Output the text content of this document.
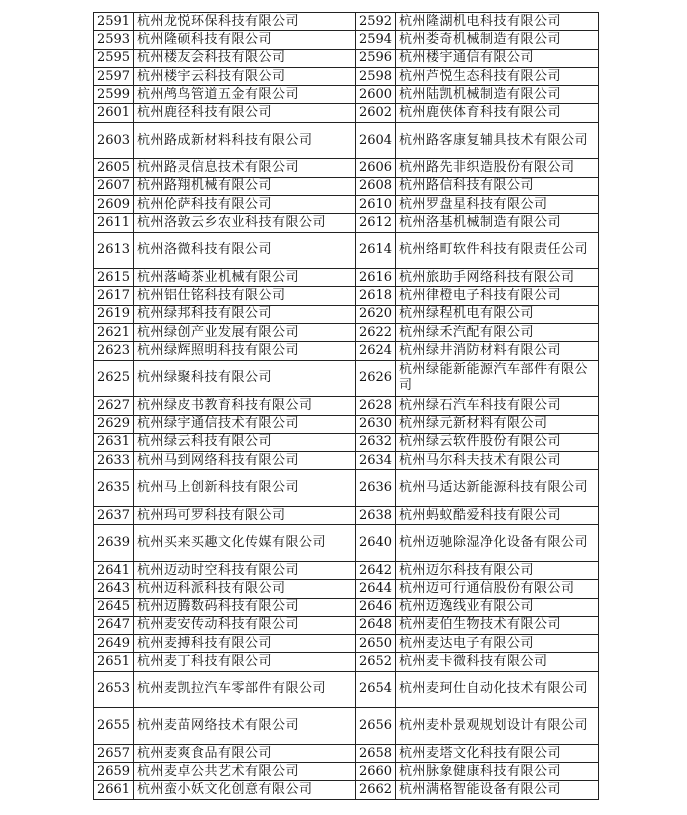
2591	杭州龙悦环保科技有限公司	2592	杭州隆湖机电科技有限公司
2593	杭州隆硕科技有限公司	2594	杭州娄奇机械制造有限公司
2595	杭州楼友会科技有限公司	2596	杭州楼宇通信有限公司
2597	杭州楼宇云科技有限公司	2598	杭州芦悦生态科技有限公司
2599	杭州鸬鸟管道五金有限公司	2600	杭州陆凯机械制造有限公司
2601	杭州鹿径科技有限公司	2602	杭州鹿侠体育科技有限公司
2603	杭州路成新材料科技有限公司	2604	杭州路客康复辅具技术有限公司
2605	杭州路灵信息技术有限公司	2606	杭州路先非织造股份有限公司
2607	杭州路翔机械有限公司	2608	杭州路信科技有限公司
2609	杭州伦萨科技有限公司	2610	杭州罗盘星科技有限公司
2611	杭州洛敦云乡农业科技有限公司	2612	杭州洛基机械制造有限公司
2613	杭州洛微科技有限公司	2614	杭州络町软件科技有限责任公司
2615	杭州落崎茶业机械有限公司	2616	杭州旅助手网络科技有限公司
2617	杭州铝仕铭科技有限公司	2618	杭州律橙电子科技有限公司
2619	杭州绿邦科技有限公司	2620	杭州绿程机电有限公司
2621	杭州绿创产业发展有限公司	2622	杭州绿禾汽配有限公司
2623	杭州绿辉照明科技有限公司	2624	杭州绿井消防材料有限公司
2625	杭州绿聚科技有限公司	2626	杭州绿能新能源汽车部件有限公司
2627	杭州绿皮书教育科技有限公司	2628	杭州绿石汽车科技有限公司
2629	杭州绿宇通信技术有限公司	2630	杭州绿元新材料有限公司
2631	杭州绿云科技有限公司	2632	杭州绿云软件股份有限公司
2633	杭州马到网络科技有限公司	2634	杭州马尔科夫技术有限公司
2635	杭州马上创新科技有限公司	2636	杭州马适达新能源科技有限公司
2637	杭州玛可罗科技有限公司	2638	杭州蚂蚁酷爱科技有限公司
2639	杭州买来买趣文化传媒有限公司	2640	杭州迈驰除湿净化设备有限公司
2641	杭州迈动时空科技有限公司	2642	杭州迈尔科技有限公司
2643	杭州迈科派科技有限公司	2644	杭州迈可行通信股份有限公司
2645	杭州迈腾数码科技有限公司	2646	杭州迈逸线业有限公司
2647	杭州麦安传动科技有限公司	2648	杭州麦伯生物技术有限公司
2649	杭州麦搏科技有限公司	2650	杭州麦达电子有限公司
2651	杭州麦丁科技有限公司	2652	杭州麦卡微科技有限公司
2653	杭州麦凯拉汽车零部件有限公司	2654	杭州麦珂仕自动化技术有限公司
2655	杭州麦苗网络技术有限公司	2656	杭州麦朴景观规划设计有限公司
2657	杭州麦爽食品有限公司	2658	杭州麦塔文化科技有限公司
2659	杭州麦卓公共艺术有限公司	2660	杭州脉象健康科技有限公司
2661	杭州蛮小妖文化创意有限公司	2662	杭州满格智能设备有限公司
